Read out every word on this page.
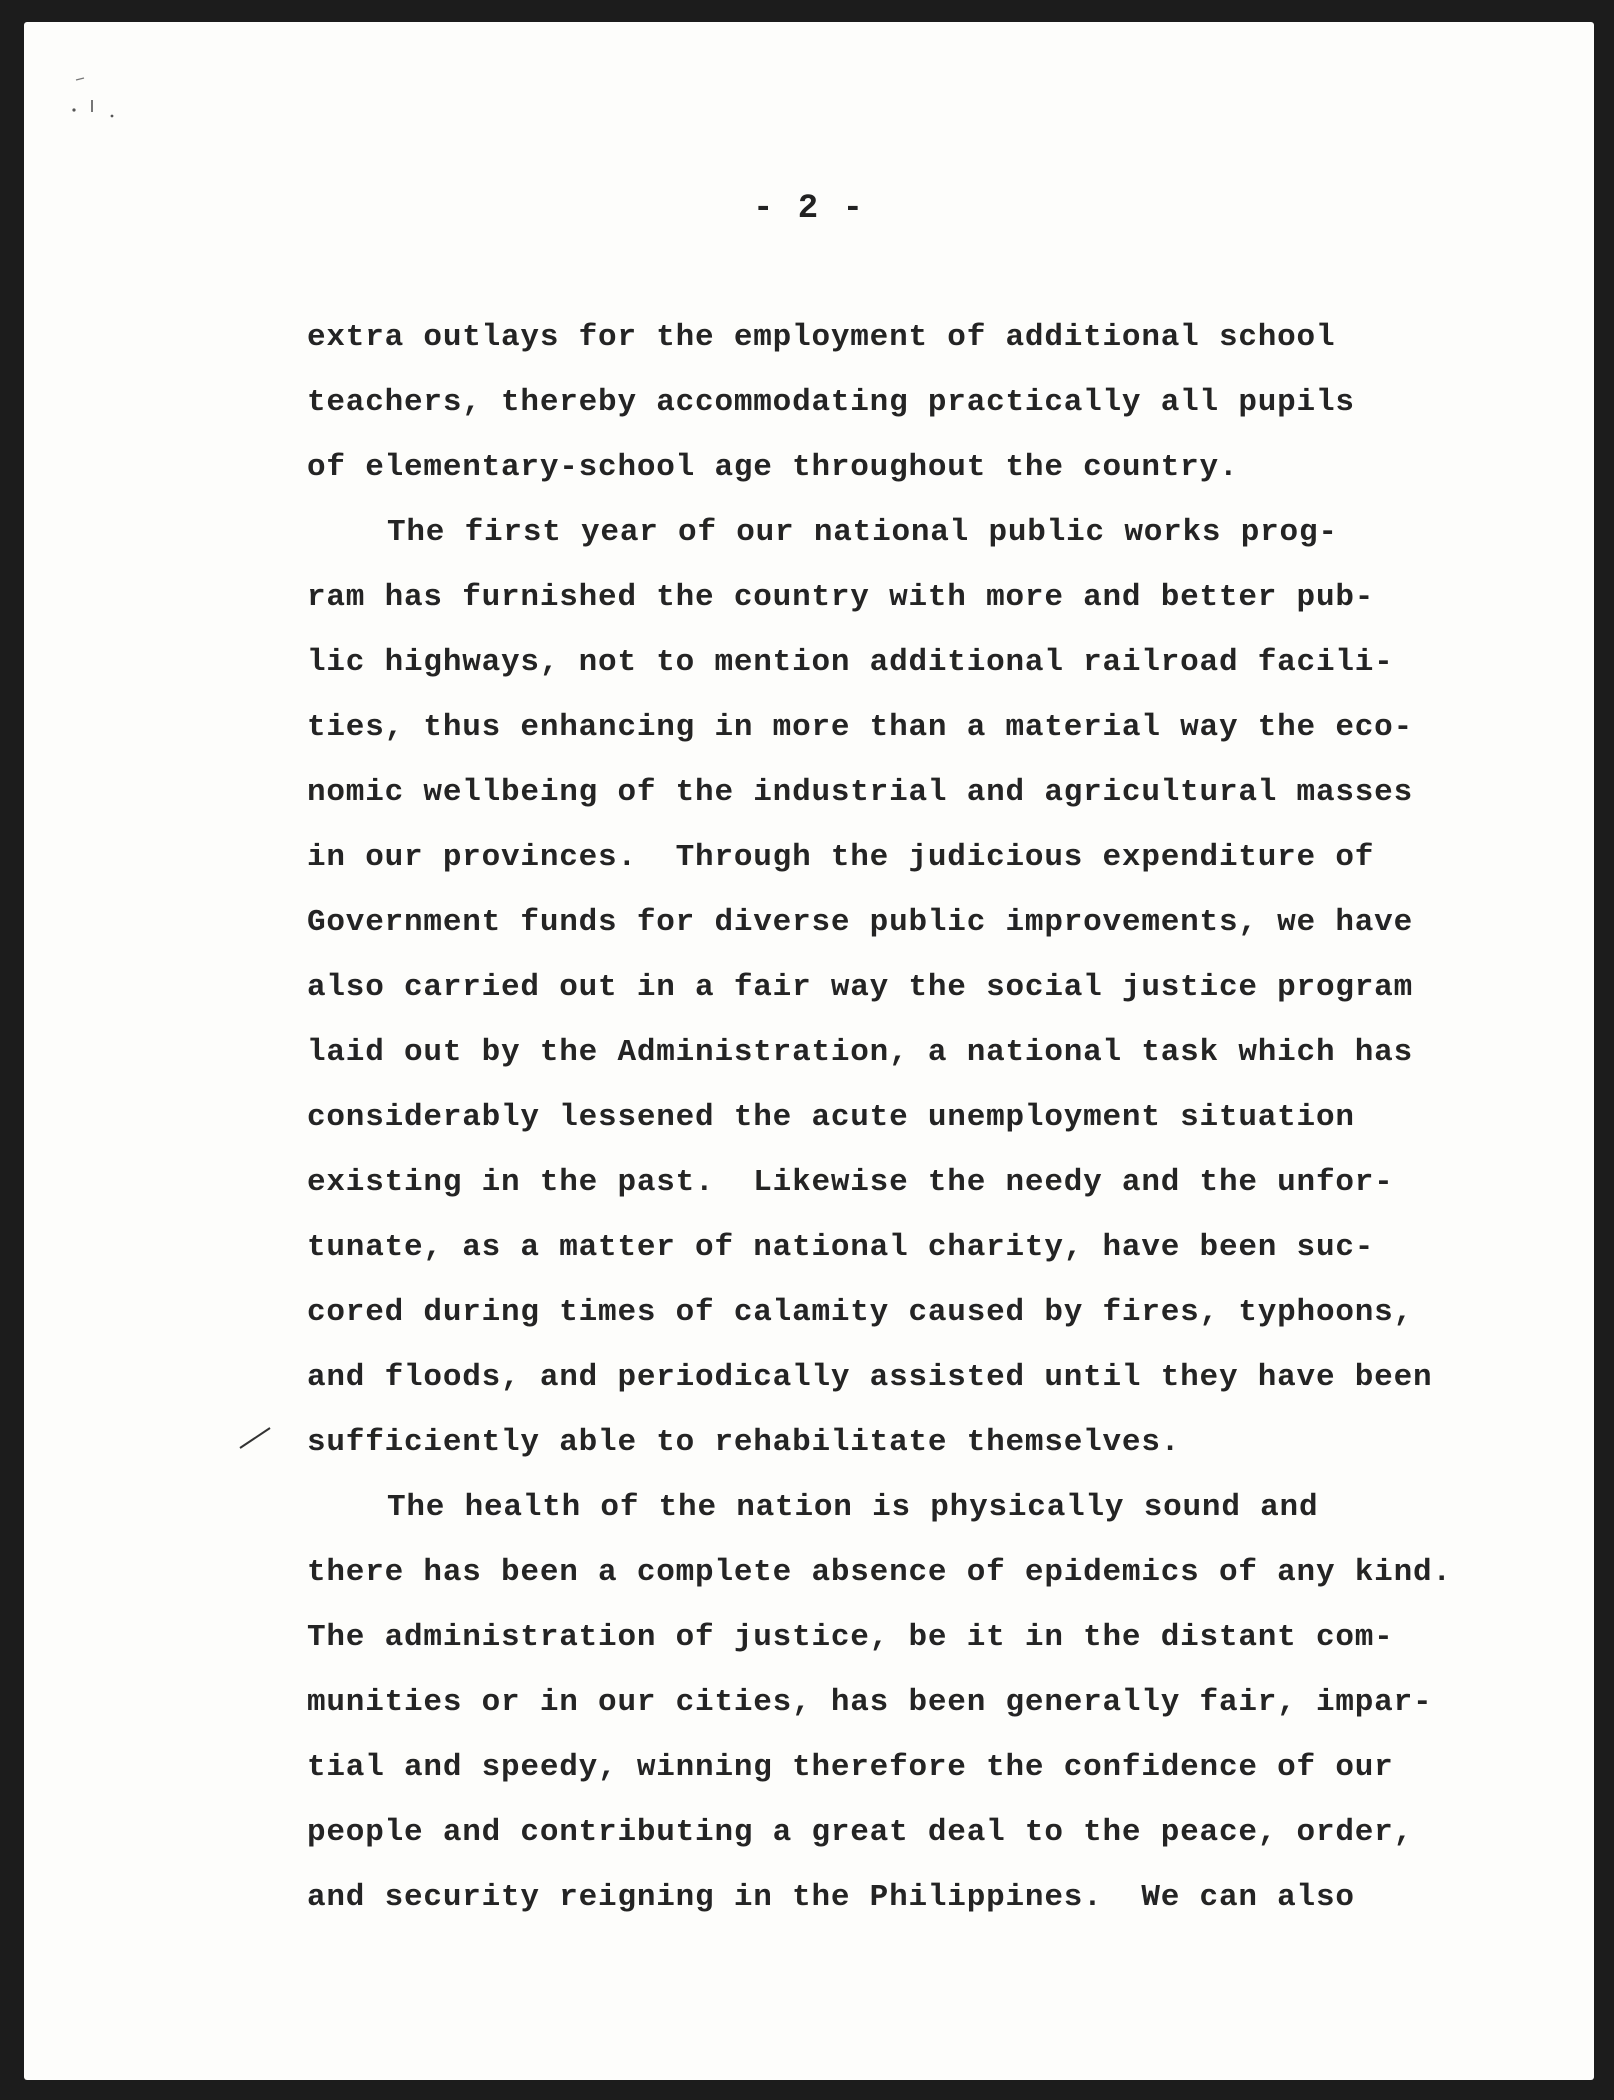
- 2 -
extra outlays for the employment of additional school
teachers, thereby accommodating practically all pupils
of elementary-school age throughout the country.
The first year of our national public works prog-
ram has furnished the country with more and better pub-
lic highways, not to mention additional railroad facili-
ties, thus enhancing in more than a material way the eco-
nomic wellbeing of the industrial and agricultural masses
in our provinces.  Through the judicious expenditure of
Government funds for diverse public improvements, we have
also carried out in a fair way the social justice program
laid out by the Administration, a national task which has
considerably lessened the acute unemployment situation
existing in the past.  Likewise the needy and the unfor-
tunate, as a matter of national charity, have been suc-
cored during times of calamity caused by fires, typhoons,
and floods, and periodically assisted until they have been
sufficiently able to rehabilitate themselves.
The health of the nation is physically sound and
there has been a complete absence of epidemics of any kind.
The administration of justice, be it in the distant com-
munities or in our cities, has been generally fair, impar-
tial and speedy, winning therefore the confidence of our
people and contributing a great deal to the peace, order,
and security reigning in the Philippines.  We can also
